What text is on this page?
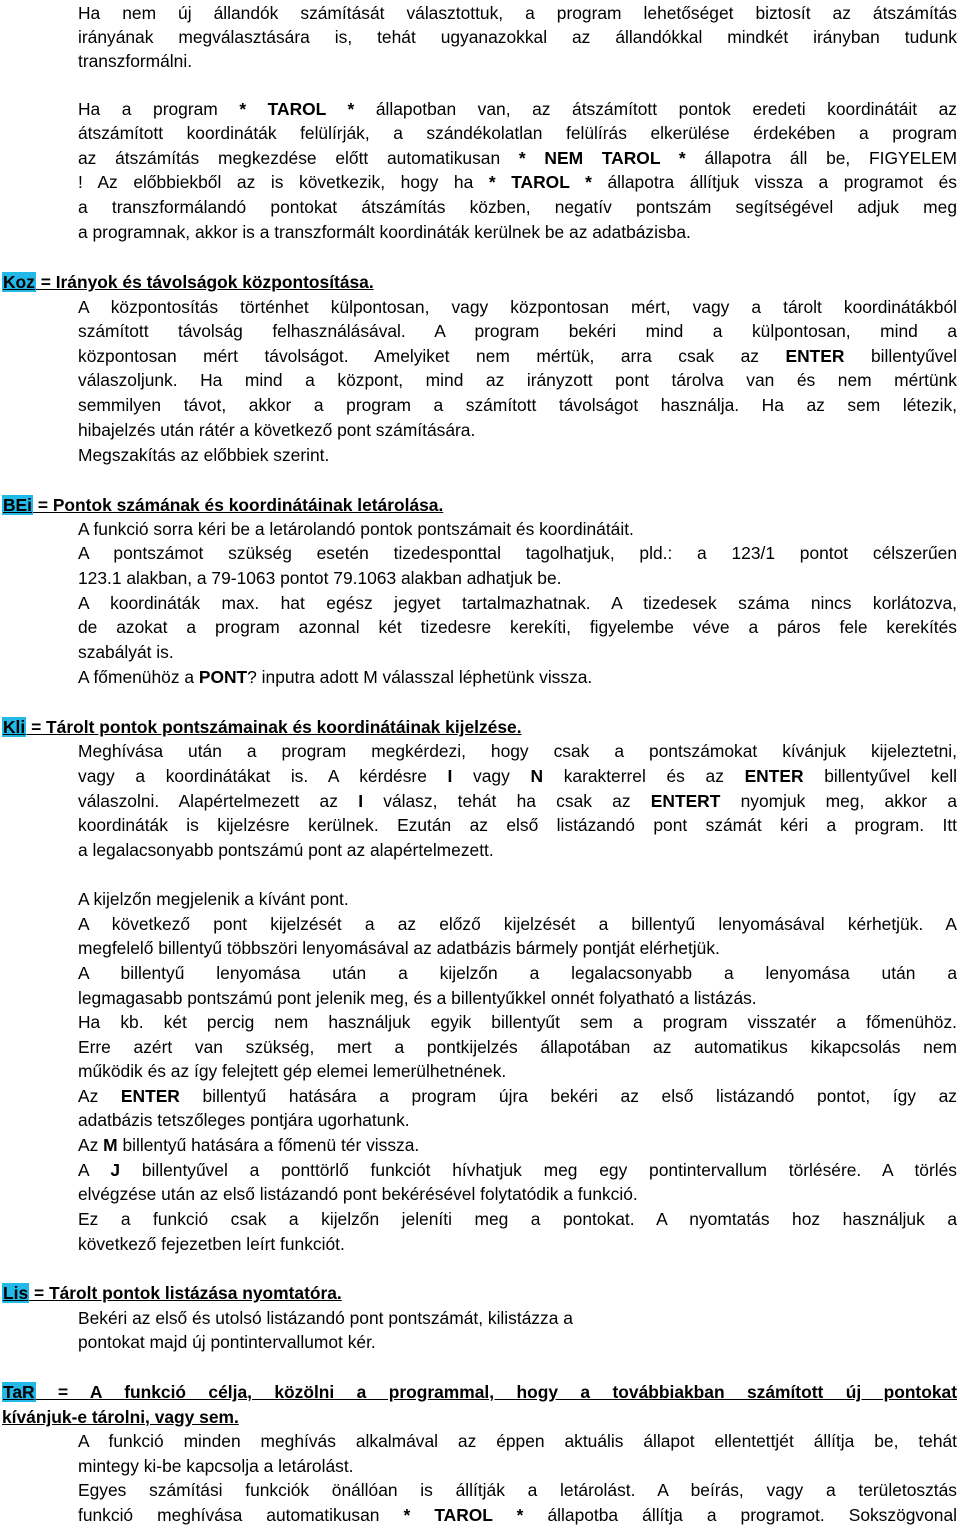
Ha nem új állandók számítását választottuk, a program lehetőséget biztosít az átszámítás
irányának megválasztására is, tehát ugyanazokkal az állandókkal mindkét irányban tudunk
transzformálni.
Ha a program * TAROL * állapotban van, az átszámított pontok eredeti koordinátáit az
átszámított koordináták felülírják, a szándékolatlan felülírás elkerülése érdekében a program
az átszámítás megkezdése előtt automatikusan * NEM TAROL * állapotra áll be, FIGYELEM
! Az előbbiekből az is következik, hogy ha * TAROL * állapotra állítjuk vissza a programot és
a transzformálandó pontokat átszámítás közben, negatív pontszám segítségével adjuk meg
a programnak, akkor is a transzformált koordináták kerülnek be az adatbázisba.
Koz = Irányok és távolságok központosítása.
A központosítás történhet külpontosan, vagy központosan mért, vagy a tárolt koordinátákból
számított távolság felhasználásával. A program bekéri mind a külpontosan, mind a
központosan mért távolságot. Amelyiket nem mértük, arra csak az ENTER billentyűvel
válaszoljunk. Ha mind a központ, mind az irányzott pont tárolva van és nem mértünk
semmilyen távot, akkor a program a számított távolságot használja. Ha az sem létezik,
hibajelzés után rátér a következő pont számítására.
Megszakítás az előbbiek szerint.
BEi = Pontok számának és koordinátáinak letárolása.
A funkció sorra kéri be a letárolandó pontok pontszámait és koordinátáit.
A pontszámot szükség esetén tizedesponttal tagolhatjuk, pld.: a 123/1 pontot célszerűen
123.1 alakban, a 79-1063 pontot 79.1063 alakban adhatjuk be.
A koordináták max. hat egész jegyet tartalmazhatnak. A tizedesek száma nincs korlátozva,
de azokat a program azonnal két tizedesre kerekíti, figyelembe véve a páros fele kerekítés
szabályát is.
A főmenühöz a PONT? inputra adott M válasszal léphetünk vissza.
Kli = Tárolt pontok pontszámainak és koordinátáinak kijelzése.
Meghívása után a program megkérdezi, hogy csak a pontszámokat kívánjuk kijeleztetni,
vagy a koordinátákat is. A kérdésre I vagy N karakterrel és az ENTER billentyűvel kell
válaszolni. Alapértelmezett az I válasz, tehát ha csak az ENTERT nyomjuk meg, akkor a
koordináták is kijelzésre kerülnek. Ezután az első listázandó pont számát kéri a program. Itt
a legalacsonyabb pontszámú pont az alapértelmezett.
A kijelzőn megjelenik a kívánt pont.
A következő pont kijelzését a az előző kijelzését a billentyű lenyomásával kérhetjük. A
megfelelő billentyű többszöri lenyomásával az adatbázis bármely pontját elérhetjük.
A billentyű lenyomása után a kijelzőn a legalacsonyabb a lenyomása után a
legmagasabb pontszámú pont jelenik meg, és a billentyűkkel onnét folyatható a listázás.
Ha kb. két percig nem használjuk egyik billentyűt sem a program visszatér a főmenühöz.
Erre azért van szükség, mert a pontkijelzés állapotában az automatikus kikapcsolás nem
működik és az így felejtett gép elemei lemerülhetnének.
Az ENTER billentyű hatására a program újra bekéri az első listázandó pontot, így az
adatbázis tetszőleges pontjára ugorhatunk.
Az M billentyű hatására a főmenü tér vissza.
A J billentyűvel a ponttörlő funkciót hívhatjuk meg egy pontintervallum törlésére. A törlés
elvégzése után az első listázandó pont bekérésével folytatódik a funkció.
Ez a funkció csak a kijelzőn jeleníti meg a pontokat. A nyomtatás hoz használjuk a
következő fejezetben leírt funkciót.
Lis = Tárolt pontok listázása nyomtatóra.
Bekéri az első és utolsó listázandó pont pontszámát, kilistázza a
pontokat majd új pontintervallumot kér.
TaR = A funkció célja, közölni a programmal, hogy a továbbiakban számított új pontokat
kívánjuk-e tárolni, vagy sem.
A funkció minden meghívás alkalmával az éppen aktuális állapot ellentettjét állítja be, tehát
mintegy ki-be kapcsolja a letárolást.
Egyes számítási funkciók önállóan is állítják a letárolást. A beírás, vagy a területosztás
funkció meghívása automatikusan * TAROL * állapotba állítja a programot. Sokszögvonal
